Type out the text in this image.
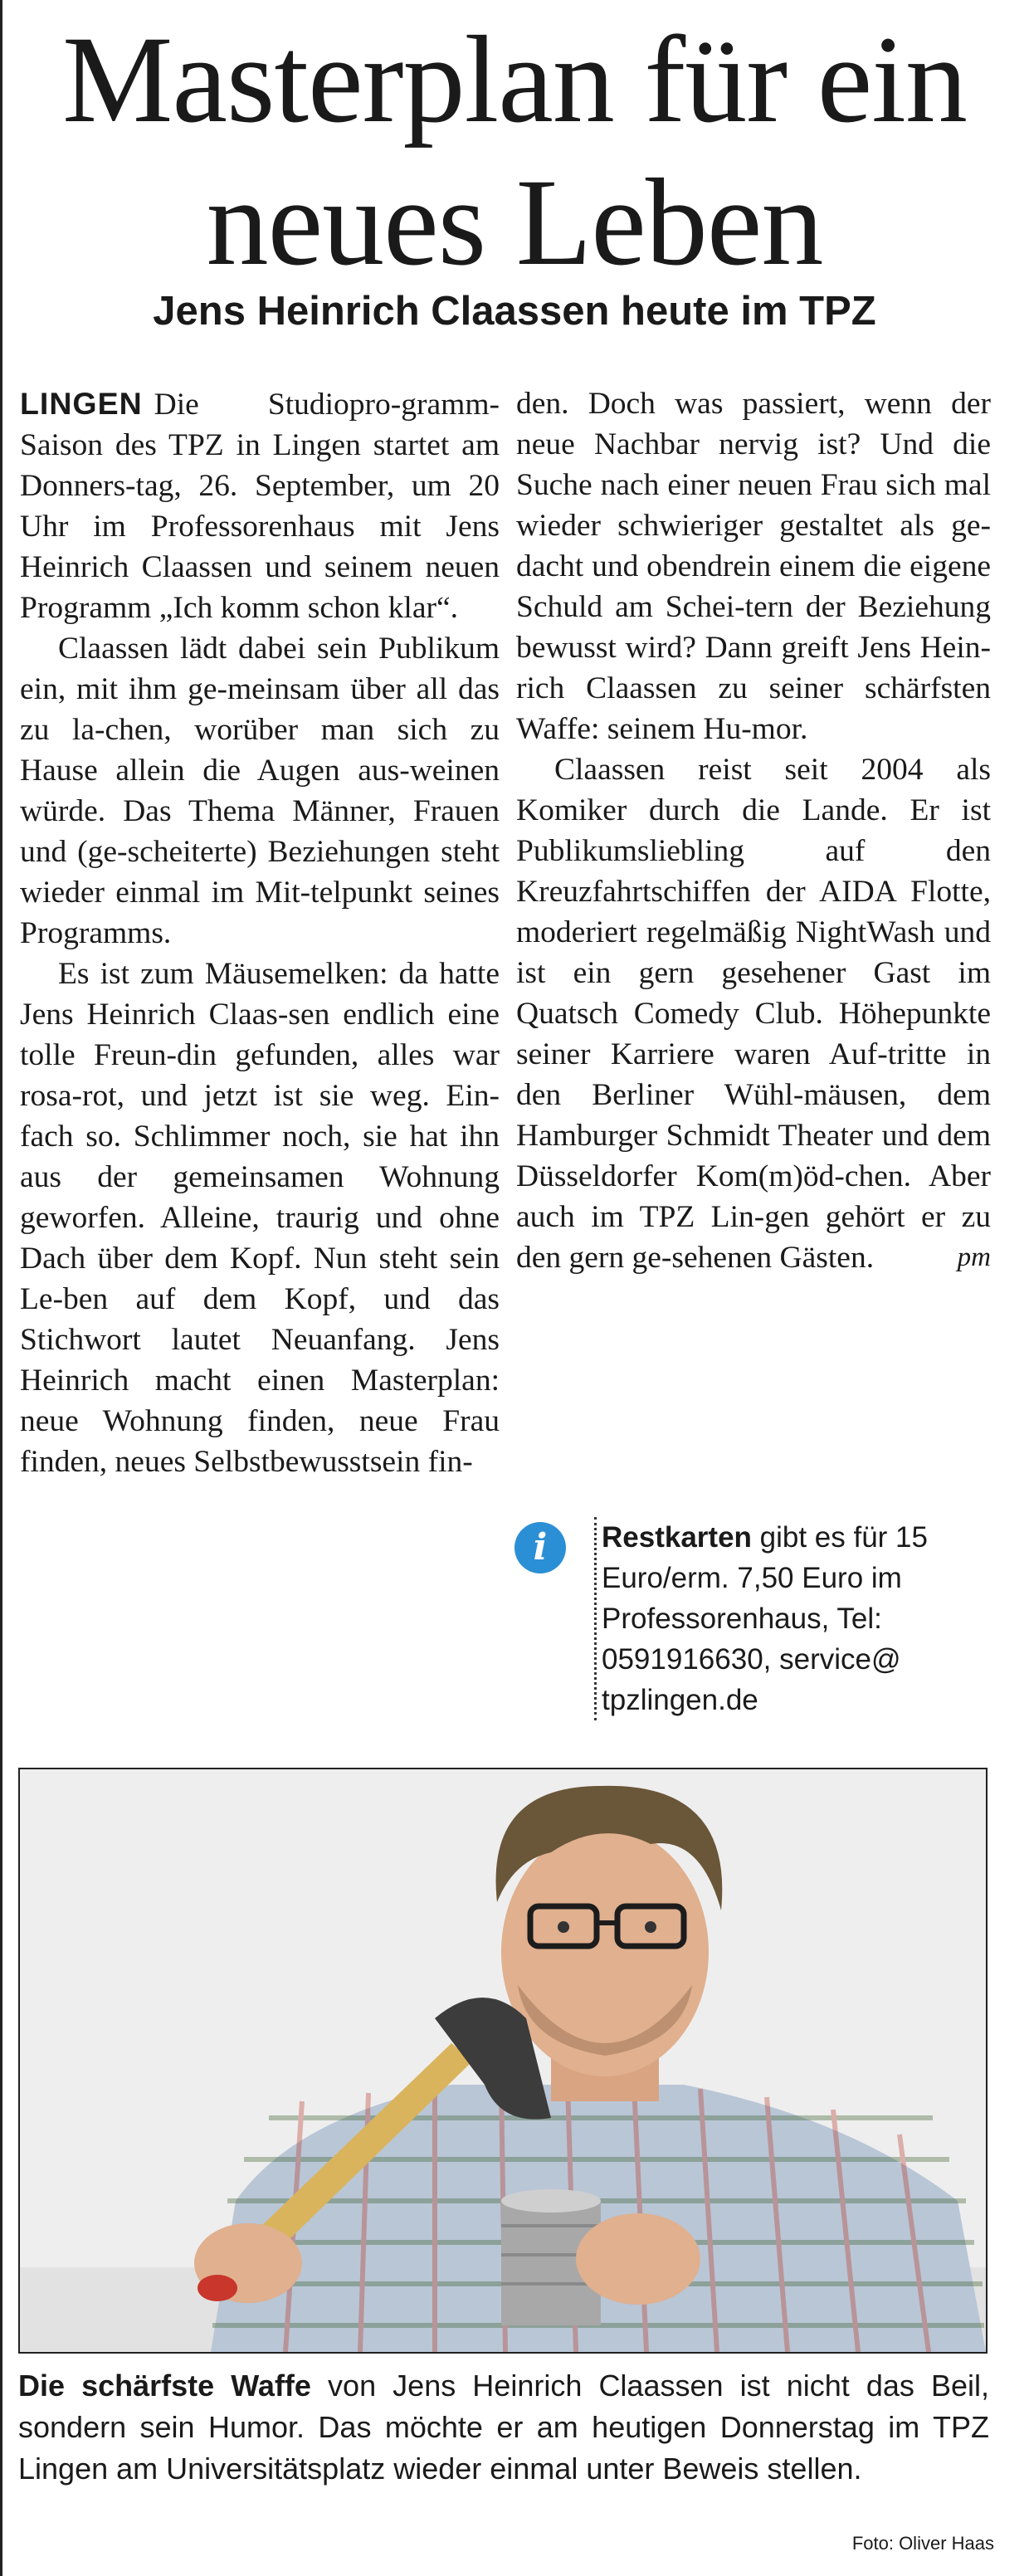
Masterplan für ein
neues Leben
Jens Heinrich Claassen heute im TPZ

LINGEN Die Studiopro-gramm-Saison des TPZ in Lingen startet am Donners-tag, 26. September, um 20 Uhr im Professorenhaus mit Jens Heinrich Claassen und seinem neuen Programm „Ich komm schon klar“.

Claassen lädt dabei sein Publikum ein, mit ihm ge-meinsam über all das zu la-chen, worüber man sich zu Hause allein die Augen aus-weinen würde. Das Thema Männer, Frauen und (ge-scheiterte) Beziehungen steht wieder einmal im Mit-telpunkt seines Programms.

Es ist zum Mäusemelken: da hatte Jens Heinrich Claas-sen endlich eine tolle Freun-din gefunden, alles war rosa-rot, und jetzt ist sie weg. Ein-fach so. Schlimmer noch, sie hat ihn aus der gemeinsamen Wohnung geworfen. Alleine, traurig und ohne Dach über dem Kopf. Nun steht sein Le-ben auf dem Kopf, und das Stichwort lautet Neuanfang. Jens Heinrich macht einen Masterplan: neue Wohnung finden, neue Frau finden, neues Selbstbewusstsein fin-

den. Doch was passiert, wenn der neue Nachbar nervig ist? Und die Suche nach einer neuen Frau sich mal wieder schwieriger gestaltet als ge-dacht und obendrein einem die eigene Schuld am Schei-tern der Beziehung bewusst wird? Dann greift Jens Hein-rich Claassen zu seiner schärfsten Waffe: seinem Hu-mor.

Claassen reist seit 2004 als Komiker durch die Lande. Er ist Publikumsliebling auf den Kreuzfahrtschiffen der AIDA Flotte, moderiert regelmäßig NightWash und ist ein gern gesehener Gast im Quatsch Comedy Club. Höhepunkte seiner Karriere waren Auf-tritte in den Berliner Wühl-mäusen, dem Hamburger Schmidt Theater und dem Düsseldorfer Kom(m)öd-chen. Aber auch im TPZ Lin-gen gehört er zu den gern ge-sehenen Gästen.	pm

i	Restkarten gibt es für 15 Euro/erm. 7,50 Euro im Professorenhaus, Tel: 0591916630, service@ tpzlingen.de
Die schärfste Waffe von Jens Heinrich Claassen ist nicht das Beil, sondern sein Humor. Das möchte er am heutigen Donnerstag im TPZ Lingen am Universitätsplatz wieder einmal unter Beweis stellen.
Foto: Oliver Haas
